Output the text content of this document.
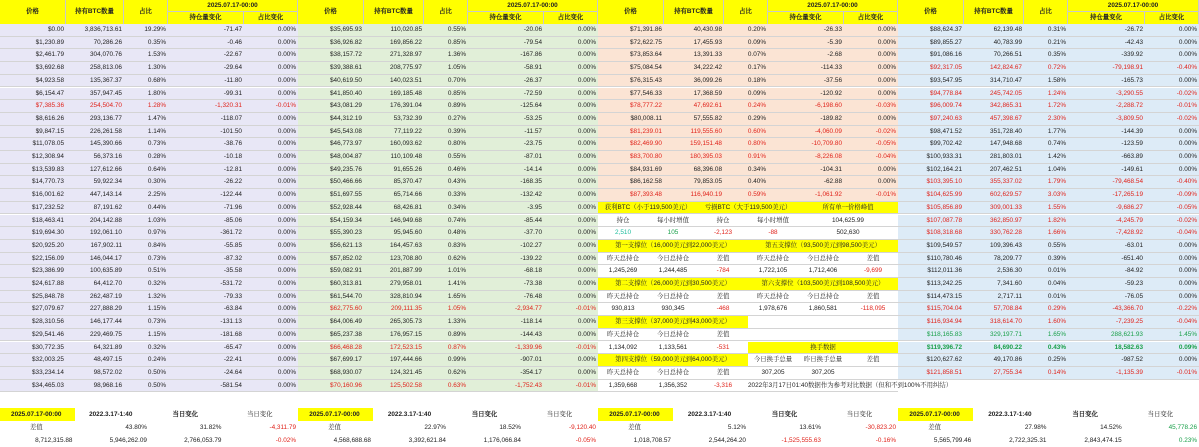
价格	持有BTC数量	占比
2025.07.17-00:00
持仓量变化	占比变化
价格	持有BTC数量	占比
2025.07.17-00:00
持仓量变化	占比变化
价格	持有BTC数量	占比
2025.07.17-00:00
持仓量变化	占比变化
价格	持有BTC数量	占比
2025.07.17-00:00
持仓量变化	占比变化
$0.00	3,836,713.61	19.29%	-71.47	0.00%
$1,230.89	70,286.26	0.35%	-0.46	0.00%
$2,461.79	304,070.76	1.53%	-22.67	0.00%
$3,692.68	258,813.06	1.30%	-29.64	0.00%
$4,923.58	135,367.37	0.68%	-11.80	0.00%
$6,154.47	357,947.45	1.80%	-99.31	0.00%
$7,385.36	254,504.70	1.28%	-1,320.31	-0.01%
$8,616.26	293,136.77	1.47%	-118.07	0.00%
$9,847.15	226,261.58	1.14%	-101.50	0.00%
$11,078.05	145,390.66	0.73%	-38.76	0.00%
$12,308.94	56,373.16	0.28%	-10.18	0.00%
$13,539.83	127,612.66	0.64%	-12.81	0.00%
$14,770.73	59,922.34	0.30%	-26.22	0.00%
$16,001.62	447,143.14	2.25%	-122.44	0.00%
$17,232.52	87,191.62	0.44%	-71.96	0.00%
$18,463.41	204,142.88	1.03%	-85.06	0.00%
$19,694.30	192,061.10	0.97%	-361.72	0.00%
$20,925.20	167,902.11	0.84%	-55.85	0.00%
$22,156.09	146,044.17	0.73%	-87.32	0.00%
$23,386.99	100,635.89	0.51%	-35.58	0.00%
$24,617.88	64,412.70	0.32%	-531.72	0.00%
$25,848.78	262,487.19	1.32%	-79.33	0.00%
$27,079.67	227,888.29	1.15%	-63.84	0.00%
$28,310.56	146,177.44	0.73%	-131.13	0.00%
$29,541.46	229,469.75	1.15%	-181.68	0.00%
$30,772.35	64,321.89	0.32%	-65.47	0.00%
$32,003.25	48,497.15	0.24%	-22.41	0.00%
$33,234.14	98,572.02	0.50%	-24.64	0.00%
$34,465.03	98,968.16	0.50%	-581.54	0.00%
$35,695.93	110,020.85	0.55%	-20.06	0.00%
$36,926.82	169,856.22	0.85%	-79.54	0.00%
$38,157.72	271,328.97	1.36%	-167.86	0.00%
$39,388.61	208,775.97	1.05%	-58.91	0.00%
$40,619.50	140,023.51	0.70%	-26.37	0.00%
$41,850.40	169,185.48	0.85%	-72.59	0.00%
$43,081.29	176,391.04	0.89%	-125.64	0.00%
$44,312.19	53,732.39	0.27%	-53.25	0.00%
$45,543.08	77,119.22	0.39%	-11.57	0.00%
$46,773.97	160,093.62	0.80%	-23.75	0.00%
$48,004.87	110,109.48	0.55%	-87.01	0.00%
$49,235.76	91,655.26	0.46%	-14.14	0.00%
$50,466.66	85,370.47	0.43%	-168.35	0.00%
$51,697.55	65,714.66	0.33%	-132.42	0.00%
$52,928.44	68,426.81	0.34%	-3.95	0.00%
$54,159.34	146,949.68	0.74%	-85.44	0.00%
$55,390.23	95,945.60	0.48%	-37.70	0.00%
$56,621.13	164,457.63	0.83%	-102.27	0.00%
$57,852.02	123,708.80	0.62%	-139.22	0.00%
$59,082.91	201,887.99	1.01%	-68.18	0.00%
$60,313.81	279,958.01	1.41%	-73.38	0.00%
$61,544.70	328,810.94	1.65%	-76.48	0.00%
$62,775.60	209,111.35	1.05%	-2,934.77	-0.01%
$64,006.49	265,305.73	1.33%	-118.14	0.00%
$65,237.38	176,957.15	0.89%	-144.43	0.00%
$66,468.28	172,523.15	0.87%	-1,339.96	-0.01%
$67,699.17	197,444.66	0.99%	-907.01	0.00%
$68,930.07	124,321.45	0.62%	-354.17	0.00%
$70,160.96	125,502.58	0.63%	-1,752.43	-0.01%
$71,391.86	40,430.98	0.20%	-26.33	0.00%
$72,622.75	17,455.93	0.09%	-5.39	0.00%
$73,853.64	13,391.33	0.07%	-2.68	0.00%
$75,084.54	34,222.42	0.17%	-114.33	0.00%
$76,315.43	36,099.26	0.18%	-37.56	0.00%
$77,546.33	17,368.59	0.09%	-120.92	0.00%
$78,777.22	47,692.61	0.24%	-6,198.60	-0.03%
$80,008.11	57,555.82	0.29%	-189.82	0.00%
$81,239.01	119,555.60	0.60%	-4,060.09	-0.02%
$82,469.90	159,151.48	0.80%	-10,709.80	-0.05%
$83,700.80	180,395.03	0.91%	-8,226.08	-0.04%
$84,931.69	68,396.08	0.34%	-104.31	0.00%
$86,162.58	79,853.05	0.40%	-62.88	0.00%
$87,393.48	116,940.19	0.59%	-1,061.92	-0.01%
$88,624.37	62,139.48	0.31%	-26.72	0.00%
$89,855.27	40,783.99	0.21%	-42.43	0.00%
$91,086.16	70,266.51	0.35%	-339.92	0.00%
$92,317.05	142,824.67	0.72%	-79,198.91	-0.40%
$93,547.95	314,710.47	1.58%	-165.73	0.00%
$94,778.84	245,742.05	1.24%	-3,290.55	-0.02%
$96,009.74	342,865.31	1.72%	-2,288.72	-0.01%
$97,240.63	457,398.67	2.30%	-3,809.50	-0.02%
$98,471.52	351,728.40	1.77%	-144.39	0.00%
$99,702.42	147,948.68	0.74%	-123.59	0.00%
$100,933.31	281,803.01	1.42%	-663.89	0.00%
$102,164.21	207,462.51	1.04%	-149.61	0.00%
$103,395.10	355,337.02	1.79%	-79,468.54	-0.40%
$104,625.99	602,629.57	3.03%	-17,265.19	-0.09%
$105,856.89	309,001.33	1.55%	-9,686.27	-0.05%
$107,087.78	362,850.97	1.82%	-4,245.79	-0.02%
$108,318.68	330,762.28	1.66%	-7,428.92	-0.04%
$109,549.57	109,396.43	0.55%	-63.01	0.00%
$110,780.46	78,209.77	0.39%	-651.40	0.00%
$112,011.36	2,536.30	0.01%	-84.92	0.00%
$113,242.25	7,341.60	0.04%	-59.23	0.00%
$114,473.15	2,717.11	0.01%	-76.05	0.00%
$115,704.04	57,708.84	0.29%	-43,366.70	-0.22%
$116,934.94	318,614.70	1.60%	-7,239.25	-0.04%
$118,165.83	329,197.71	1.65%	288,621.93	1.45%
$119,396.72	84,690.22	0.43%	18,582.63	0.09%
$120,627.62	49,170.86	0.25%	-987.52	0.00%
$121,858.51	27,755.34	0.14%	-1,135.39	-0.01%
获利BTC（小于119,500美元）	亏损BTC（大于119,500美元）	所有单一价格峰值
持仓	每小时增值	持仓	每小时增值	104,625.99
2,510	105	-2,123	-88	502,630
第一支撑位（16,000美元到22,000美元）	第五支撑位（93,500美元到98,500美元）
昨天总持仓	今日总持仓	差值	昨天总持仓	今日总持仓	差值
1,245,269	1,244,485	-784	1,722,105	1,712,406	-9,699
第二支撑位（26,000美元到30,500美元）	第六支撑位（103,500美元到108,500美元）
昨天总持仓	今日总持仓	差值	昨天总持仓	今日总持仓	差值
930,813	930,345	-468	1,978,676	1,860,581	-118,095
第三支撑位（37,000美元到43,000美元）
昨天总持仓	今日总持仓	差值
1,134,092	1,133,561	-531	换手数据
第四支撑位（59,000美元到64,000美元）	今日换手总量	昨日换手总量	差值
昨天总持仓	今日总持仓	差值	307,205	307,205
1,359,668	1,356,352	-3,316	2022年3月17日01:40数据作为参考对比数据（但和不到100%不用纠结）
2025.07.17-00:00	2022.3.17-1:40	当日变化	当日变化
差值	43.80%	31.82%	-4,311.79
8,712,315.88	5,946,262.09	2,766,053.79	-0.02%
2025.07.17-00:00	2022.3.17-1:40	当日变化	当日变化
差值	22.97%	18.52%	-9,120.40
4,568,688.68	3,392,621.84	1,176,066.84	-0.05%
2025.07.17-00:00	2022.3.17-1:40	当日变化	当日变化
差值	5.12%	13.61%	-30,823.20
1,018,708.57	2,544,264.20	-1,525,555.63	-0.16%
2025.07.17-00:00	2022.3.17-1:40	当日变化	当日变化
差值	27.98%	14.52%	45,778.26
5,565,799.46	2,722,325.31	2,843,474.15	0.23%
